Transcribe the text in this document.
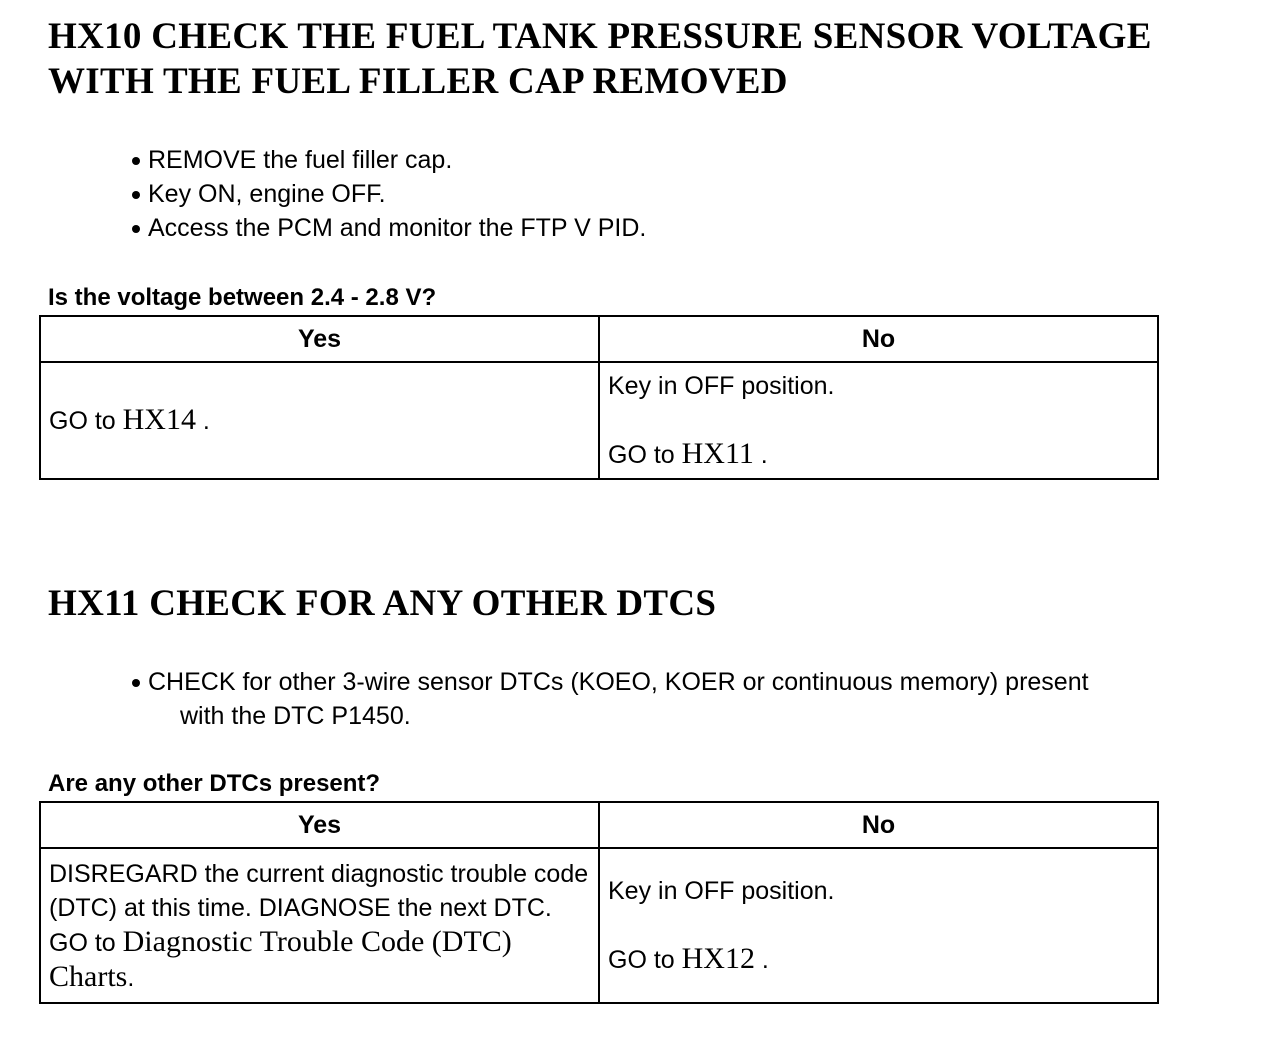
HX10 CHECK THE FUEL TANK PRESSURE SENSOR VOLTAGE WITH THE FUEL FILLER CAP REMOVED
REMOVE the fuel filler cap.
Key ON, engine OFF.
Access the PCM and monitor the FTP V PID.

Is the voltage between 2.4 - 2.8 V?

Yes	No
GO to HX14 .	Key in OFF position.
GO to HX11 .
HX11 CHECK FOR ANY OTHER DTCS
CHECK for other 3-wire sensor DTCs (KOEO, KOER or continuous memory) present
with the DTC P1450.

Are any other DTCs present?

Yes	No
DISREGARD the current diagnostic trouble code (DTC) at this time. DIAGNOSE the next DTC. GO to Diagnostic Trouble Code (DTC) Charts.	Key in OFF position.
GO to HX12 .
